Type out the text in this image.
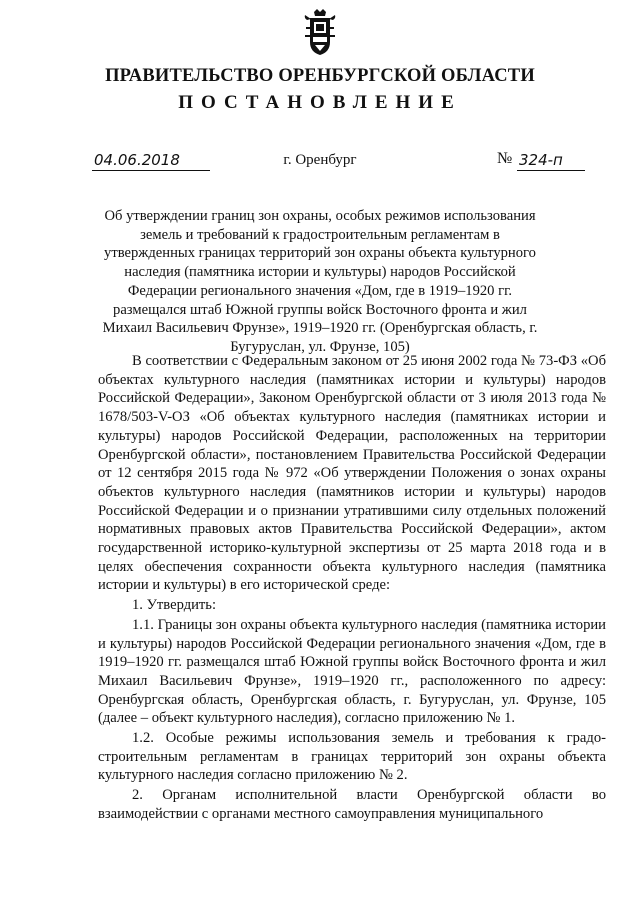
ПРАВИТЕЛЬСТВО ОРЕНБУРГСКОЙ ОБЛАСТИ
ПОСТАНОВЛЕНИЕ
04.06.2018	г. Оренбург	№ 324-п

Об утверждении границ зон охраны, особых режимов использования земель и требований к градостроительным регламентам в утвержденных границах территорий зон охраны объекта культурного наследия (памятника истории и культуры) народов Российской Федерации регионального значения «Дом, где в 1919–1920 гг. размещался штаб Южной группы войск Восточного фронта и жил Михаил Васильевич Фрунзе», 1919–1920 гг. (Оренбургская область, г. Бугуруслан, ул. Фрунзе, 105)

В соответствии с Федеральным законом от 25 июня 2002 года № 73-ФЗ «Об объектах культурного наследия (памятниках истории и культуры) народов Российской Федерации», Законом Оренбургской области от 3 июля 2013 года № 1678/503-V-ОЗ «Об объектах культурного наследия (памятниках истории и культуры) народов Российской Федерации, расположенных на территории Оренбургской области», постановлением Правительства Российской Федерации от 12 сентября 2015 года № 972 «Об утверждении Положения о зонах охраны объектов культурного наследия (памятников истории и культуры) народов Российской Федерации и о признании утратившими силу отдельных положений нормативных правовых актов Правительства Российской Федерации», актом государственной историко-культурной экспертизы от 25 марта 2018 года и в целях обеспечения сохранности объекта культурного наследия (памятника истории и культуры) в его исторической среде:

1. Утвердить:

1.1. Границы зон охраны объекта культурного наследия (памятника истории и культуры) народов Российской Федерации регионального значения «Дом, где в 1919–1920 гг. размещался штаб Южной группы войск Восточного фронта и жил Михаил Васильевич Фрунзе», 1919–1920 гг., расположенного по адресу: Оренбургская область, Оренбургская область, г. Бугуруслан, ул. Фрунзе, 105 (далее – объект культурного наследия), согласно приложению № 1.

1.2. Особые режимы использования земель и требования к градо-строительным регламентам в границах территорий зон охраны объекта культурного наследия согласно приложению № 2.

2. Органам исполнительной власти Оренбургской области во взаимодействии с органами местного самоуправления муниципального
